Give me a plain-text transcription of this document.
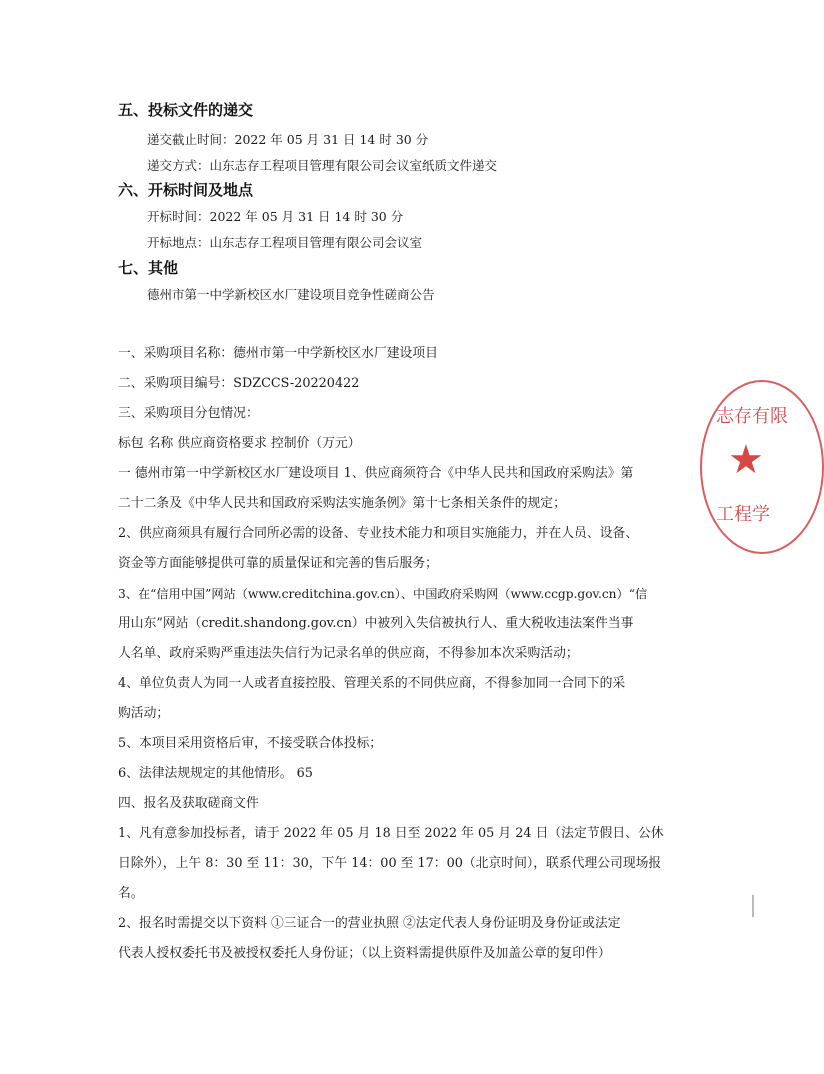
五、投标文件的递交
递交截止时间：2022 年 05 月 31 日 14 时 30 分
递交方式：山东志存工程项目管理有限公司会议室纸质文件递交
六、开标时间及地点
开标时间：2022 年 05 月 31 日 14 时 30 分
开标地点：山东志存工程项目管理有限公司会议室
七、其他
德州市第一中学新校区水厂建设项目竞争性磋商公告
一、采购项目名称：德州市第一中学新校区水厂建设项目
二、采购项目编号：SDZCCS-20220422
三、采购项目分包情况：
标包 名称 供应商资格要求 控制价（万元）
一 德州市第一中学新校区水厂建设项目 1、供应商须符合《中华人民共和国政府采购法》第
二十二条及《中华人民共和国政府采购法实施条例》第十七条相关条件的规定；
2、供应商须具有履行合同所必需的设备、专业技术能力和项目实施能力，并在人员、设备、
资金等方面能够提供可靠的质量保证和完善的售后服务；
3、在“信用中国”网站（www.creditchina.gov.cn）、中国政府采购网（www.ccgp.gov.cn）“信
用山东”网站（credit.shandong.gov.cn）中被列入失信被执行人、重大税收违法案件当事
人名单、政府采购严重违法失信行为记录名单的供应商，不得参加本次采购活动；
4、单位负责人为同一人或者直接控股、管理关系的不同供应商，不得参加同一合同下的采
购活动；
5、本项目采用资格后审，不接受联合体投标；
6、法律法规规定的其他情形。 65
四、报名及获取磋商文件
1、凡有意参加投标者，请于 2022 年 05 月 18 日至 2022 年 05 月 24 日（法定节假日、公休
日除外），上午 8：30 至 11：30，下午 14：00 至 17：00（北京时间），联系代理公司现场报
名。
2、报名时需提交以下资料 ①三证合一的营业执照 ②法定代表人身份证明及身份证或法定
代表人授权委托书及被授权委托人身份证；（以上资料需提供原件及加盖公章的复印件）
志存有限
★
工程学
